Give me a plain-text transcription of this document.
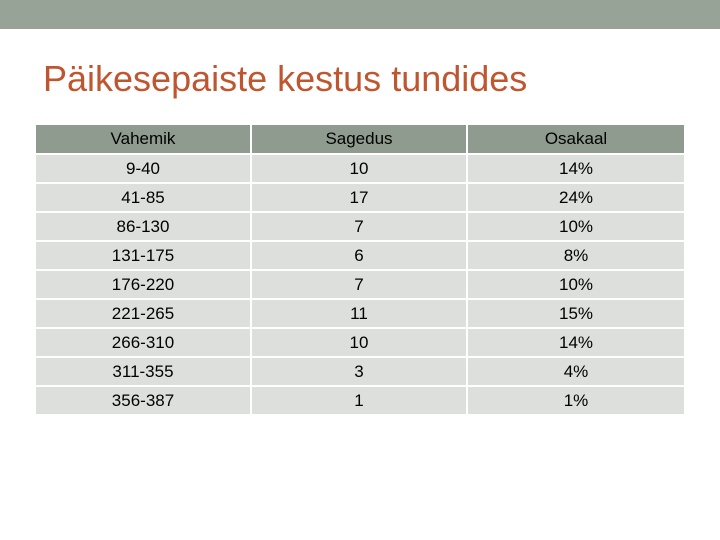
Päikesepaiste kestus tundides
Vahemik	Sagedus	Osakaal
9-40	10	14%
41-85	17	24%
86-130	7	10%
131-175	6	8%
176-220	7	10%
221-265	11	15%
266-310	10	14%
311-355	3	4%
356-387	1	1%
